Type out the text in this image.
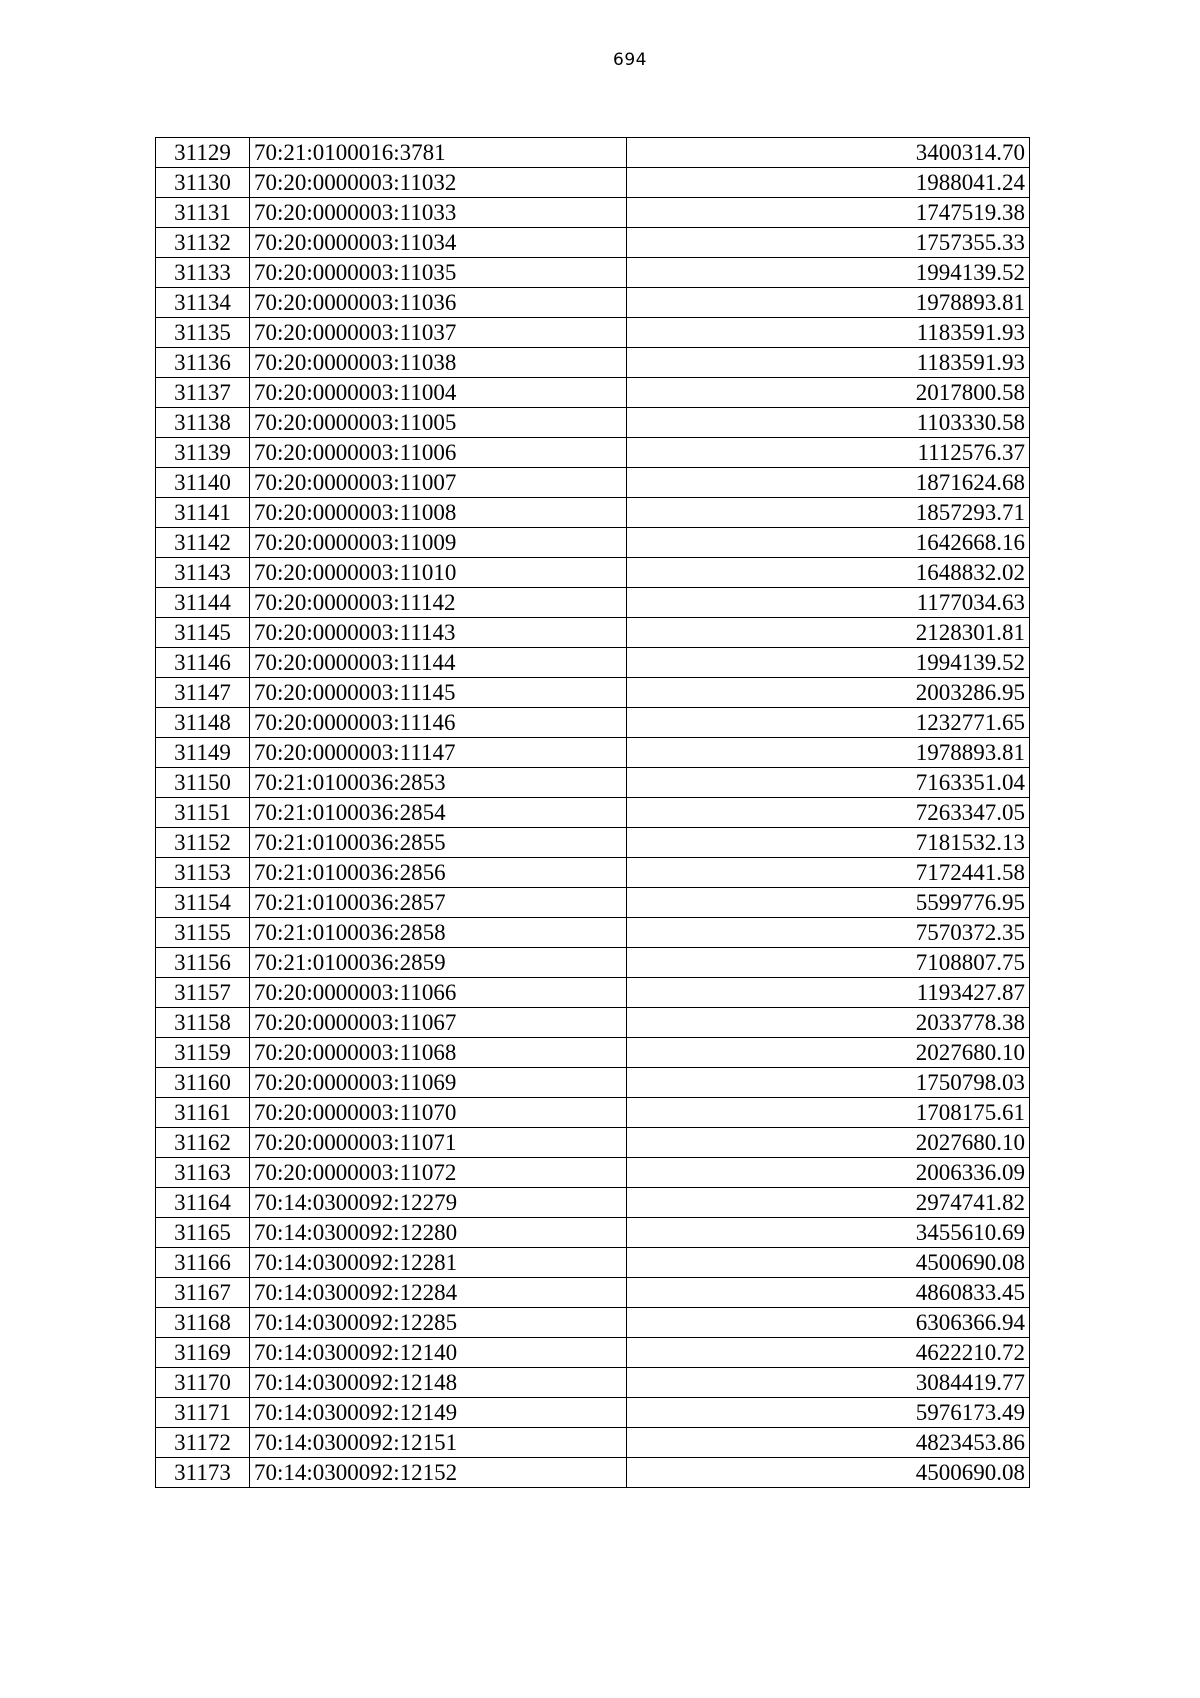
694
31129	70:21:0100016:3781	3400314.70
31130	70:20:0000003:11032	1988041.24
31131	70:20:0000003:11033	1747519.38
31132	70:20:0000003:11034	1757355.33
31133	70:20:0000003:11035	1994139.52
31134	70:20:0000003:11036	1978893.81
31135	70:20:0000003:11037	1183591.93
31136	70:20:0000003:11038	1183591.93
31137	70:20:0000003:11004	2017800.58
31138	70:20:0000003:11005	1103330.58
31139	70:20:0000003:11006	1112576.37
31140	70:20:0000003:11007	1871624.68
31141	70:20:0000003:11008	1857293.71
31142	70:20:0000003:11009	1642668.16
31143	70:20:0000003:11010	1648832.02
31144	70:20:0000003:11142	1177034.63
31145	70:20:0000003:11143	2128301.81
31146	70:20:0000003:11144	1994139.52
31147	70:20:0000003:11145	2003286.95
31148	70:20:0000003:11146	1232771.65
31149	70:20:0000003:11147	1978893.81
31150	70:21:0100036:2853	7163351.04
31151	70:21:0100036:2854	7263347.05
31152	70:21:0100036:2855	7181532.13
31153	70:21:0100036:2856	7172441.58
31154	70:21:0100036:2857	5599776.95
31155	70:21:0100036:2858	7570372.35
31156	70:21:0100036:2859	7108807.75
31157	70:20:0000003:11066	1193427.87
31158	70:20:0000003:11067	2033778.38
31159	70:20:0000003:11068	2027680.10
31160	70:20:0000003:11069	1750798.03
31161	70:20:0000003:11070	1708175.61
31162	70:20:0000003:11071	2027680.10
31163	70:20:0000003:11072	2006336.09
31164	70:14:0300092:12279	2974741.82
31165	70:14:0300092:12280	3455610.69
31166	70:14:0300092:12281	4500690.08
31167	70:14:0300092:12284	4860833.45
31168	70:14:0300092:12285	6306366.94
31169	70:14:0300092:12140	4622210.72
31170	70:14:0300092:12148	3084419.77
31171	70:14:0300092:12149	5976173.49
31172	70:14:0300092:12151	4823453.86
31173	70:14:0300092:12152	4500690.08
